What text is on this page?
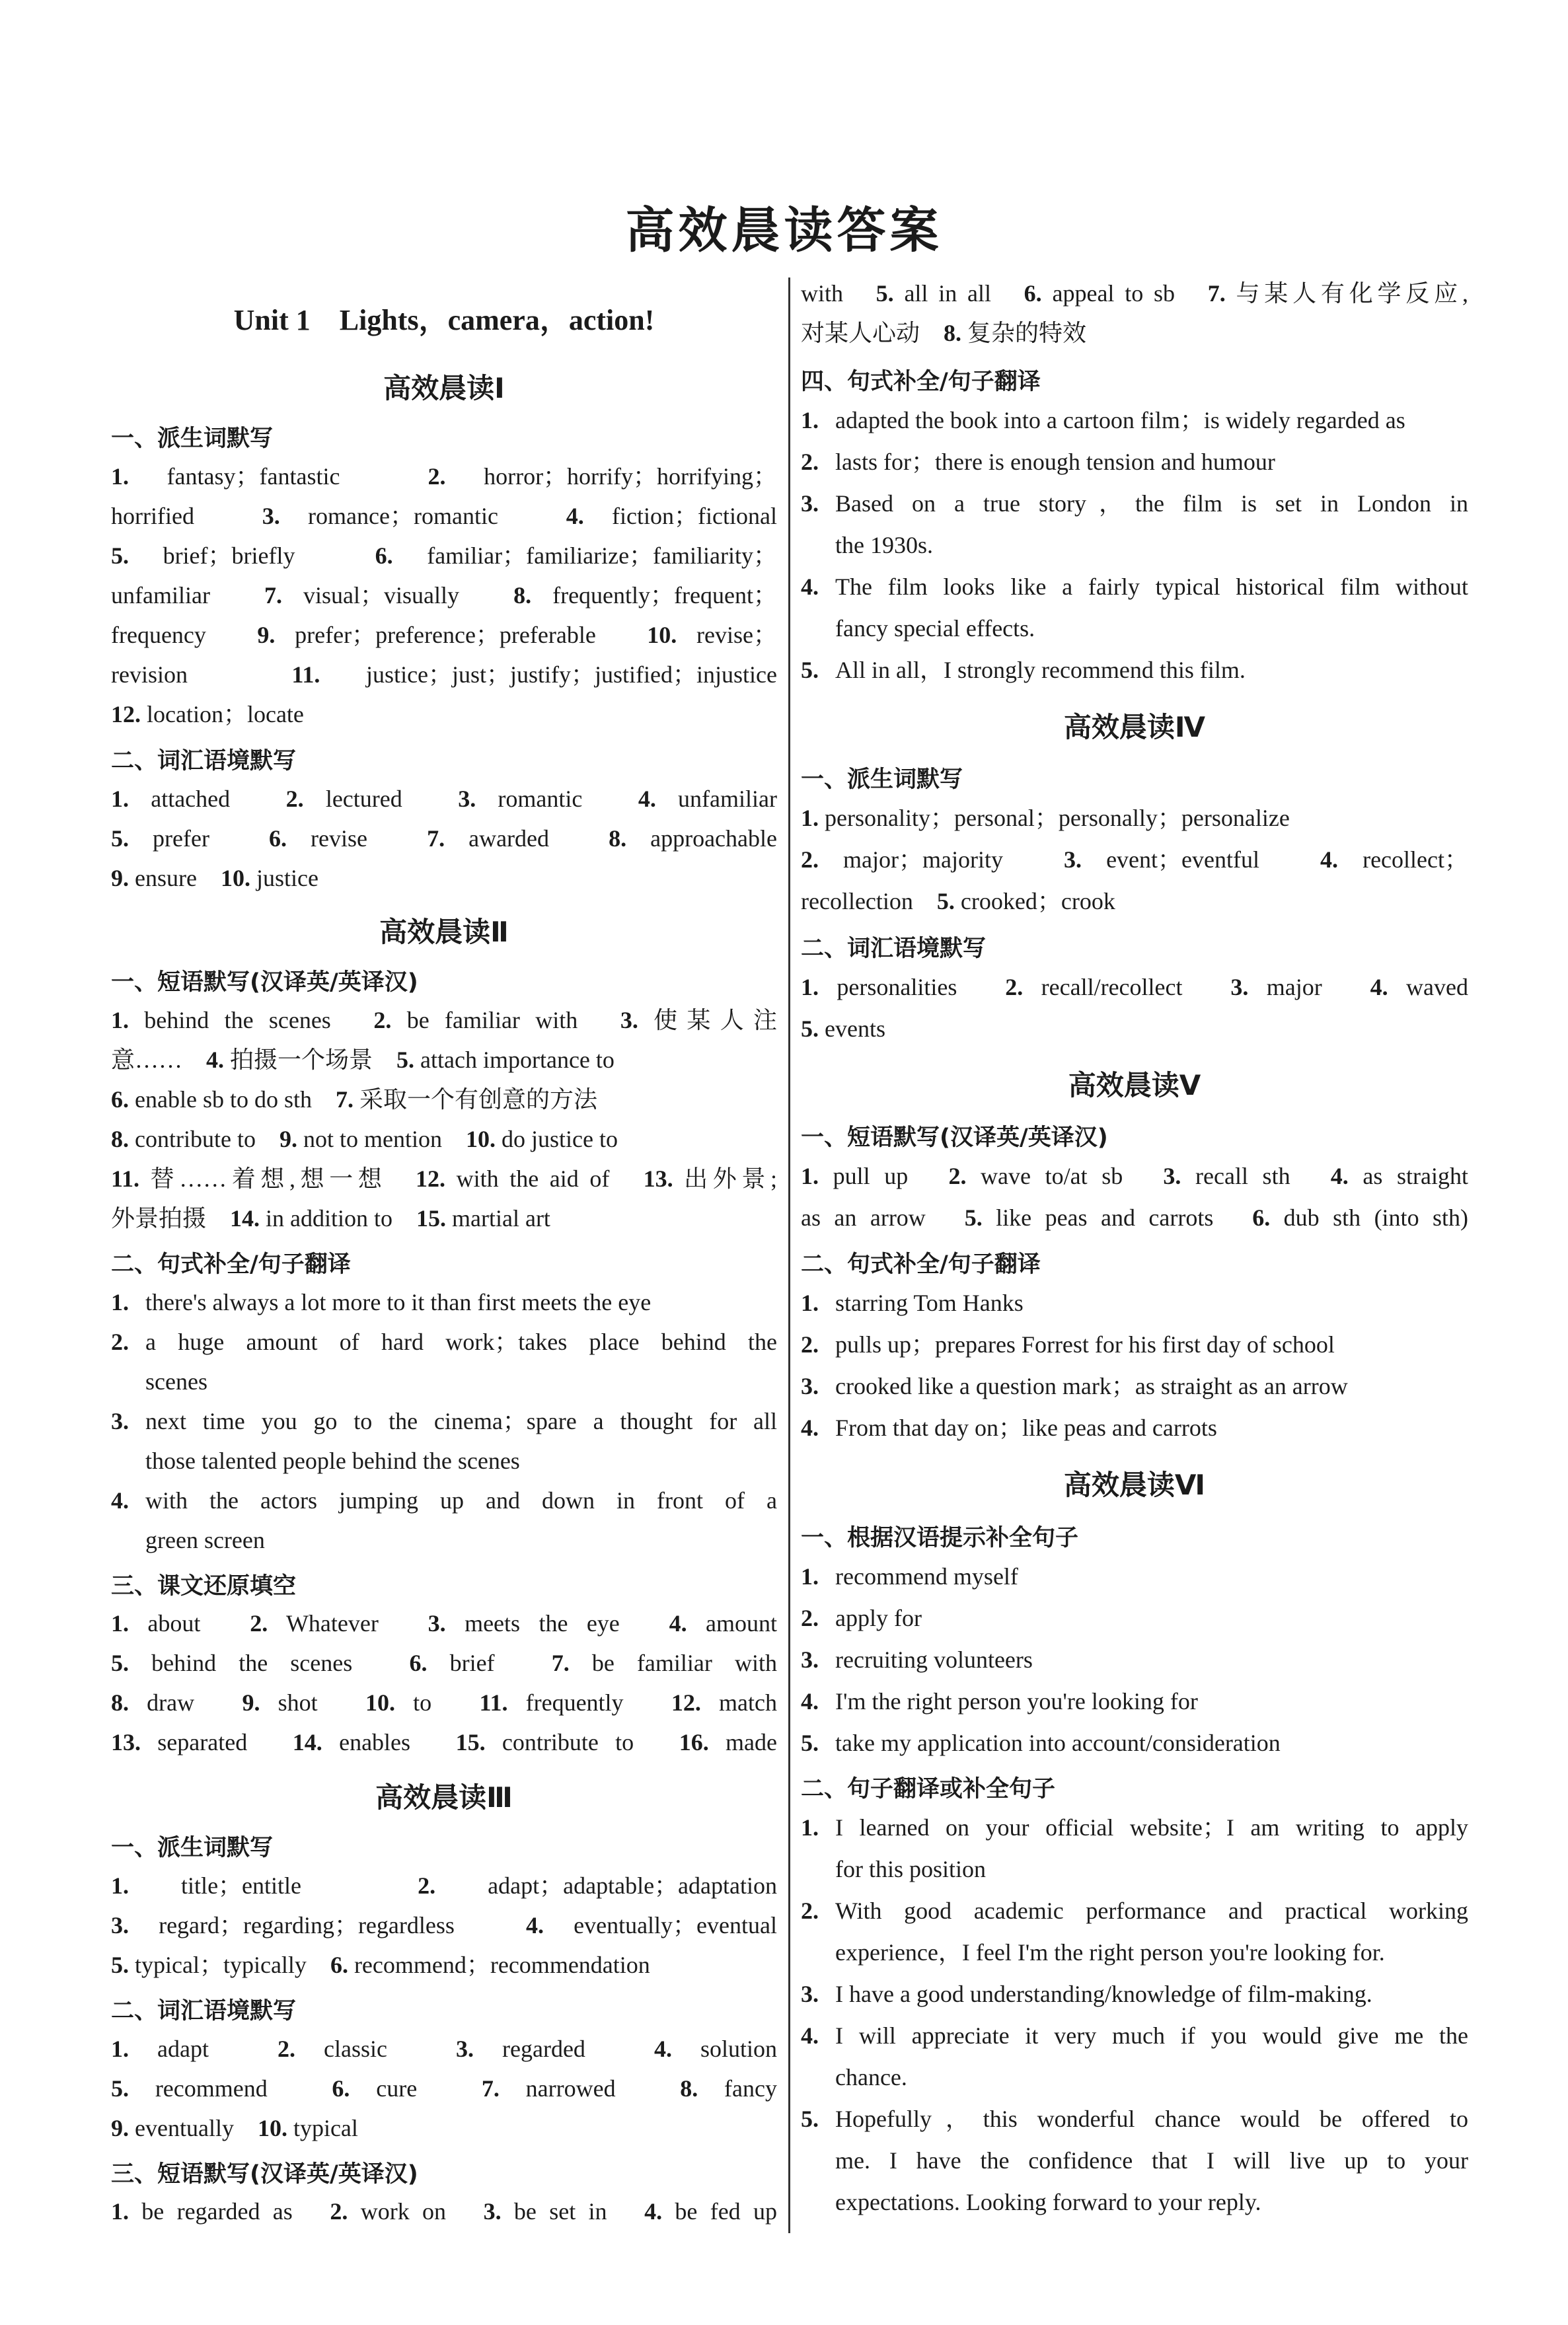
高效晨读答案
Unit 1　Lights，camera，action!
高效晨读Ⅰ
一、派生词默写
1. fantasy；fantastic　2. horror；horrify；horrifying；
horrified　3. romance；romantic　4. fiction；fictional
5. brief；briefly　6. familiar；familiarize；familiarity；
unfamiliar　7. visual；visually　8. frequently；frequent；
frequency　9. prefer；preference；preferable　10. revise；
revision　11. justice；just；justify；justified；injustice
12. location；locate
二、词汇语境默写
1. attached　2. lectured　3. romantic　4. unfamiliar
5. prefer　6. revise　7. awarded　8. approachable
9. ensure　10. justice
高效晨读Ⅱ
一、短语默写(汉译英/英译汉)
1. behind the scenes　2. be familiar with　3. 使某人注
意……　4. 拍摄一个场景　5. attach importance to
6. enable sb to do sth　7. 采取一个有创意的方法
8. contribute to　9. not to mention　10. do justice to
11. 替……着想,想一想　12. with the aid of　13. 出外景;
外景拍摄　14. in addition to　15. martial art
二、句式补全/句子翻译
1. there's always a lot more to it than first meets the eye
2. a huge amount of hard work；takes place behind the
scenes
3. next time you go to the cinema；spare a thought for all
those talented people behind the scenes
4. with the actors jumping up and down in front of a
green screen
三、课文还原填空
1. about　2. Whatever　3. meets the eye　4. amount
5. behind the scenes　6. brief　7. be familiar with
8. draw　9. shot　10. to　11. frequently　12. match
13. separated　14. enables　15. contribute to　16. made
高效晨读Ⅲ
一、派生词默写
1. title；entitle　2. adapt；adaptable；adaptation
3. regard；regarding；regardless　4. eventually；eventual
5. typical；typically　6. recommend；recommendation
二、词汇语境默写
1. adapt　2. classic　3. regarded　4. solution
5. recommend　6. cure　7. narrowed　8. fancy
9. eventually　10. typical
三、短语默写(汉译英/英译汉)
1. be regarded as　2. work on　3. be set in　4. be fed up
with　5. all in all　6. appeal to sb　7. 与某人有化学反应,
对某人心动　8. 复杂的特效
四、句式补全/句子翻译
1. adapted the book into a cartoon film；is widely regarded as
2. lasts for；there is enough tension and humour
3. Based on a true story，the film is set in London in
the 1930s.
4. The film looks like a fairly typical historical film without
fancy special effects.
5. All in all，I strongly recommend this film.
高效晨读Ⅳ
一、派生词默写
1. personality；personal；personally；personalize
2. major；majority　3. event；eventful　4. recollect；
recollection　5. crooked；crook
二、词汇语境默写
1. personalities　2. recall/recollect　3. major　4. waved
5. events
高效晨读Ⅴ
一、短语默写(汉译英/英译汉)
1. pull up　2. wave to/at sb　3. recall sth　4. as straight
as an arrow　5. like peas and carrots　6. dub sth (into sth)
二、句式补全/句子翻译
1. starring Tom Hanks
2. pulls up；prepares Forrest for his first day of school
3. crooked like a question mark；as straight as an arrow
4. From that day on；like peas and carrots
高效晨读Ⅵ
一、根据汉语提示补全句子
1. recommend myself
2. apply for
3. recruiting volunteers
4. I'm the right person you're looking for
5. take my application into account/consideration
二、句子翻译或补全句子
1. I learned on your official website；I am writing to apply
for this position
2. With good academic performance and practical working
experience，I feel I'm the right person you're looking for.
3. I have a good understanding/knowledge of film-making.
4. I will appreciate it very much if you would give me the
chance.
5. Hopefully，this wonderful chance would be offered to
me. I have the confidence that I will live up to your
expectations. Looking forward to your reply.
